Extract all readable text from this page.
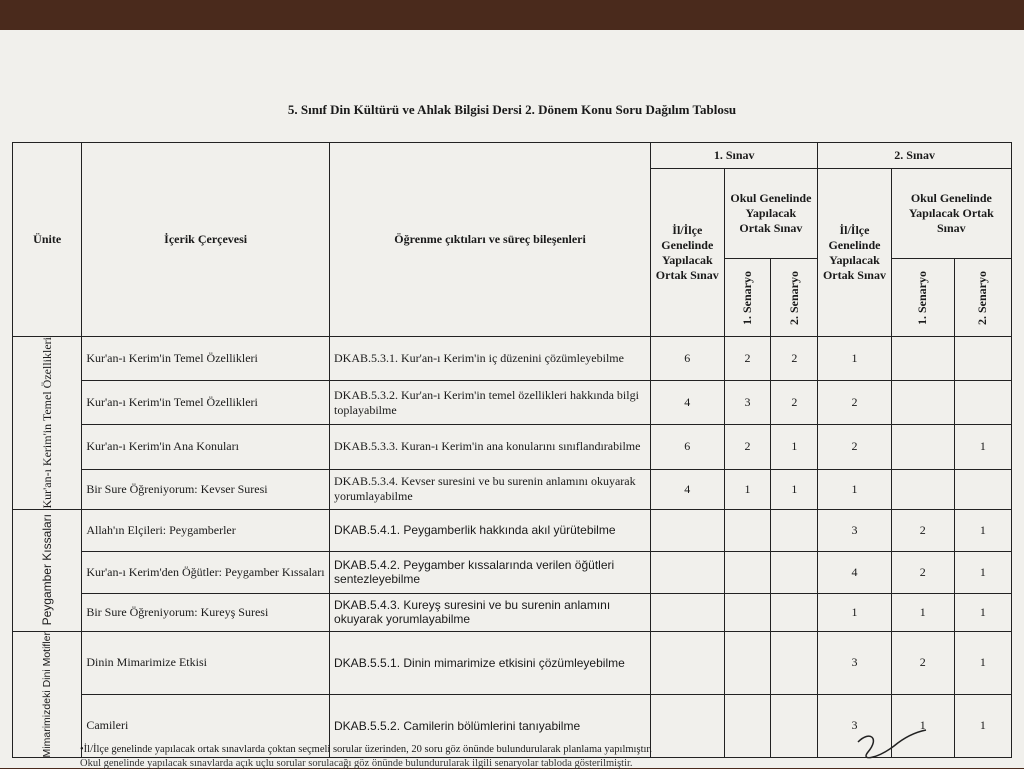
5. Sınıf Din Kültürü ve Ahlak Bilgisi Dersi 2. Dönem Konu Soru Dağılım Tablosu
Ünite	İçerik Çerçevesi	Öğrenme çıktıları ve süreç bileşenleri	1. Sınav			2. Sınav		
			İl/İlçe Genelinde Yapılacak Ortak Sınav	Okul Genelinde Yapılacak Ortak Sınav		İl/İlçe Genelinde Yapılacak Ortak Sınav	Okul Genelinde Yapılacak Ortak Sınav	

				1. Senaryo	2. Senaryo		1. Senaryo	2. Senaryo

Kur'an-ı Kerim'in Temel Özellikleri	Kur'an-ı Kerim'in Temel Özellikleri	DKAB.5.3.1. Kur'an-ı Kerim'in iç düzenini çözümleyebilme	6	2	2	1		
	Kur'an-ı Kerim'in Temel Özellikleri	DKAB.5.3.2. Kur'an-ı Kerim'in temel özellikleri hakkında bilgi toplayabilme	4	3	2	2		
	Kur'an-ı Kerim'in Ana Konuları	DKAB.5.3.3. Kuran-ı Kerim'in ana konularını sınıflandırabilme	6	2	1	2		1
	Bir Sure Öğreniyorum: Kevser Suresi	DKAB.5.3.4. Kevser suresini ve bu surenin anlamını okuyarak yorumlayabilme	4	1	1	1		

Peygamber Kıssaları	Allah'ın Elçileri: Peygamberler	DKAB.5.4.1. Peygamberlik hakkında akıl yürütebilme				3	2	1
	Kur'an-ı Kerim'den Öğütler: Peygamber Kıssaları	DKAB.5.4.2. Peygamber kıssalarında verilen öğütleri sentezleyebilme				4	2	1
	Bir Sure Öğreniyorum: Kureyş Suresi	DKAB.5.4.3. Kureyş suresini ve bu surenin anlamını okuyarak yorumlayabilme				1	1	1

Mimarimizdeki Dini Motifler	Dinin Mimarimize Etkisi	DKAB.5.5.1. Dinin mimarimize etkisini çözümleyebilme				3	2	1
	Camileri	DKAB.5.5.2. Camilerin bölümlerini tanıyabilme				3	1	1
•İl/İlçe genelinde yapılacak ortak sınavlarda çoktan seçmeli sorular üzerinden, 20 soru göz önünde bulundurularak planlama yapılmıştır.
Okul genelinde yapılacak sınavlarda açık uçlu sorular sorulacağı göz önünde bulundurularak ilgili senaryolar tabloda gösterilmiştir.
